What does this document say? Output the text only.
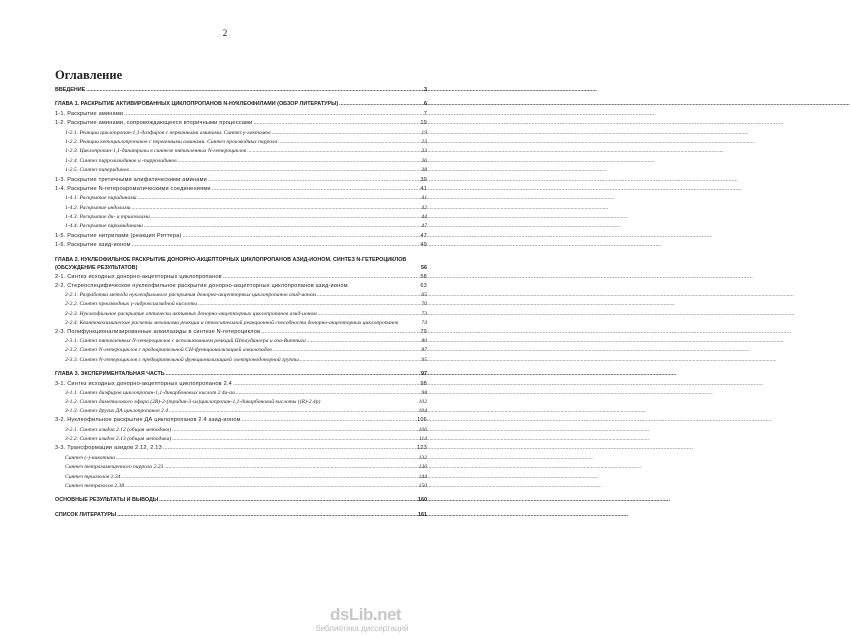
2
Оглавление
ВВЕДЕНИЕ .....	3
ГЛАВА 1. РАСКРЫТИЕ АКТИВИРОВАННЫХ ЦИКЛОПРОПАНОВ N-НУКЛЕОФИЛАМИ (ОБЗОР ЛИТЕРАТУРЫ) .....	6
1-1. Раскрытие аминами .....	7
1-2. Раскрытие аминами, сопровождающееся вторичными процессами .....	19
1-2.1. Реакции циклопропан-1,1-диэфиров с первичными аминами. Синтез γ-лактамов .....	19
1-2.2. Реакции кетоциклопропанов с первичными аминами. Синтез производных пиррола .....	23
1-2.3. Циклопропан-1,1-динитрилы в синтезе пятичленных N-гетероциклов .....	33
1-2.4. Синтез пирролизидинов и -пирролидинов .....	36
1-2.5. Синтез пиперидинов .....	38
1-3. Раскрытие третичными алифатическими аминами .....	39
1-4. Раскрытие N-гетероароматическими соединениями .....	41
1-4.1. Раскрытие пиридинами .....	41
1-4.2. Раскрытие индолами .....	42
1-4.3. Раскрытие ди- и триазолами .....	44
1-4.4. Раскрытие пиримидинами .....	47
1-5. Раскрытие нитрилами (реакция Риттера) .....	47
1-6. Раскрытие азид-ионом .....	49
ГЛАВА 2. НУКЛЕОФИЛЬНОЕ РАСКРЫТИЕ ДОНОРНО-АКЦЕПТОРНЫХ ЦИКЛОПРОПАНОВ АЗИД-ИОНОМ. СИНТЕЗ N-ГЕТЕРОЦИКЛОВ (ОБСУЖДЕНИЕ РЕЗУЛЬТАТОВ)	56
2-1. Синтез исходных донорно-акцепторных циклопропанов .....	58
2-2. Стереоспецифическое нуклеофильное раскрытие донорно-акцепторных циклопропанов азид-ионом	63
2-2.1. Разработка метода нуклеофильного раскрытия донорно-акцепторных циклопропанов азид-ионом .....	65
2-2.2. Синтез производных γ-гидроксиазидной кислоты .....	70
2-2.3. Нуклеофильное раскрытие оптически активных донорно-акцепторных циклопропанов азид-ионом .....	73
2-2.4. Квантовохимические расчеты механизма реакции и относительной реакционной способности донорно-акцепторных циклопропанов	74
2-3. Полифункционализированные алкилазиды в синтезе N-гетероциклов .....	79
2-3.1. Синтез пятичленных N-гетероциклов с использованием реакций Штаудингера и аза-Виттига .....	80
2-3.2. Синтез N-гетероциклов с предварительной CH-функционализацией алкилазидов .....	87
2-3.3. Синтез N-гетероциклов с предварительной функционализацией электронодонорной группы .....	95
ГЛАВА 3. ЭКСПЕРИМЕНТАЛЬНАЯ ЧАСТЬ .....	97
3-1. Синтез исходных донорно-акцепторных циклопропанов 2.4 .....	98
3-1.1. Синтез диэфиров циклопропан-1,1-дикарбоновых кислот 2.4a-aa .....	98
3-1.2. Синтез диметилового эфира (2R)-2-(тридин-3-ил)циклопропан-1,1-дикарбоновой кислоты ((R)-2.4p)	102
3-1.3. Синтез других ДА циклопропанов 2.4 .....	104
3-2. Нуклеофильное раскрытие ДА циклопропанов 2.4 азид-ионом .....	106
3-2.1. Синтез азидов 2.12 (общая методика) .....	106
3-2.2. Синтез азидов 2.13 (общая методика) .....	114
3-3. Трансформации азидов 2.12, 2.13 .....	123
Синтез (-)-никотина .....	132
Синтез тетразамещенного пиррола 2.23 .....	136
Синтез триазолов 2.34 .....	144
Синтез тетразолов 2.38 .....	150
ОСНОВНЫЕ РЕЗУЛЬТАТЫ И ВЫВОДЫ .....	160
СПИСОК ЛИТЕРАТУРЫ .....	161
dsLib.net
библиотека диссертаций
